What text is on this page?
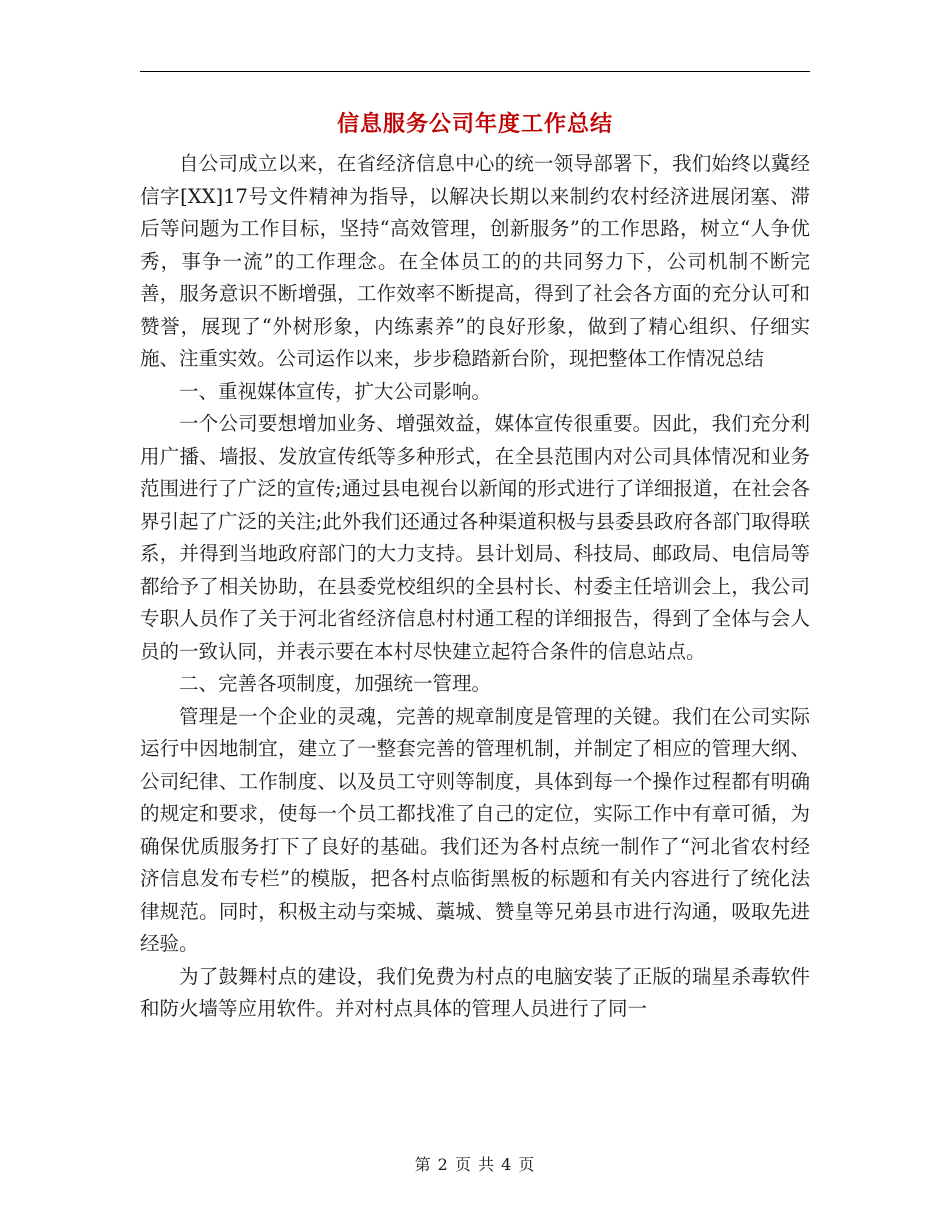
信息服务公司年度工作总结

自公司成立以来，在省经济信息中心的统一领导部署下，我们始终以冀经信字[XX]17号文件精神为指导，以解决长期以来制约农村经济进展闭塞、滞后等问题为工作目标，坚持“高效管理，创新服务”的工作思路，树立“人争优秀，事争一流”的工作理念。在全体员工的的共同努力下，公司机制不断完善，服务意识不断增强，工作效率不断提高，得到了社会各方面的充分认可和赞誉，展现了“外树形象，内练素养”的良好形象，做到了精心组织、仔细实施、注重实效。公司运作以来，步步稳踏新台阶，现把整体工作情况总结

一、重视媒体宣传，扩大公司影响。

一个公司要想增加业务、增强效益，媒体宣传很重要。因此，我们充分利用广播、墙报、发放宣传纸等多种形式，在全县范围内对公司具体情况和业务范围进行了广泛的宣传;通过县电视台以新闻的形式进行了详细报道，在社会各界引起了广泛的关注;此外我们还通过各种渠道积极与县委县政府各部门取得联系，并得到当地政府部门的大力支持。县计划局、科技局、邮政局、电信局等都给予了相关协助，在县委党校组织的全县村长、村委主任培训会上，我公司专职人员作了关于河北省经济信息村村通工程的详细报告，得到了全体与会人员的一致认同，并表示要在本村尽快建立起符合条件的信息站点。

二、完善各项制度，加强统一管理。

管理是一个企业的灵魂，完善的规章制度是管理的关键。我们在公司实际运行中因地制宜，建立了一整套完善的管理机制，并制定了相应的管理大纲、公司纪律、工作制度、以及员工守则等制度，具体到每一个操作过程都有明确的规定和要求，使每一个员工都找准了自己的定位，实际工作中有章可循，为确保优质服务打下了良好的基础。我们还为各村点统一制作了“河北省农村经济信息发布专栏”的模版，把各村点临街黑板的标题和有关内容进行了统化法律规范。同时，积极主动与栾城、藁城、赞皇等兄弟县市进行沟通，吸取先进经验。

为了鼓舞村点的建设，我们免费为村点的电脑安装了正版的瑞星杀毒软件和防火墙等应用软件。并对村点具体的管理人员进行了同一

第 2 页 共 4 页
